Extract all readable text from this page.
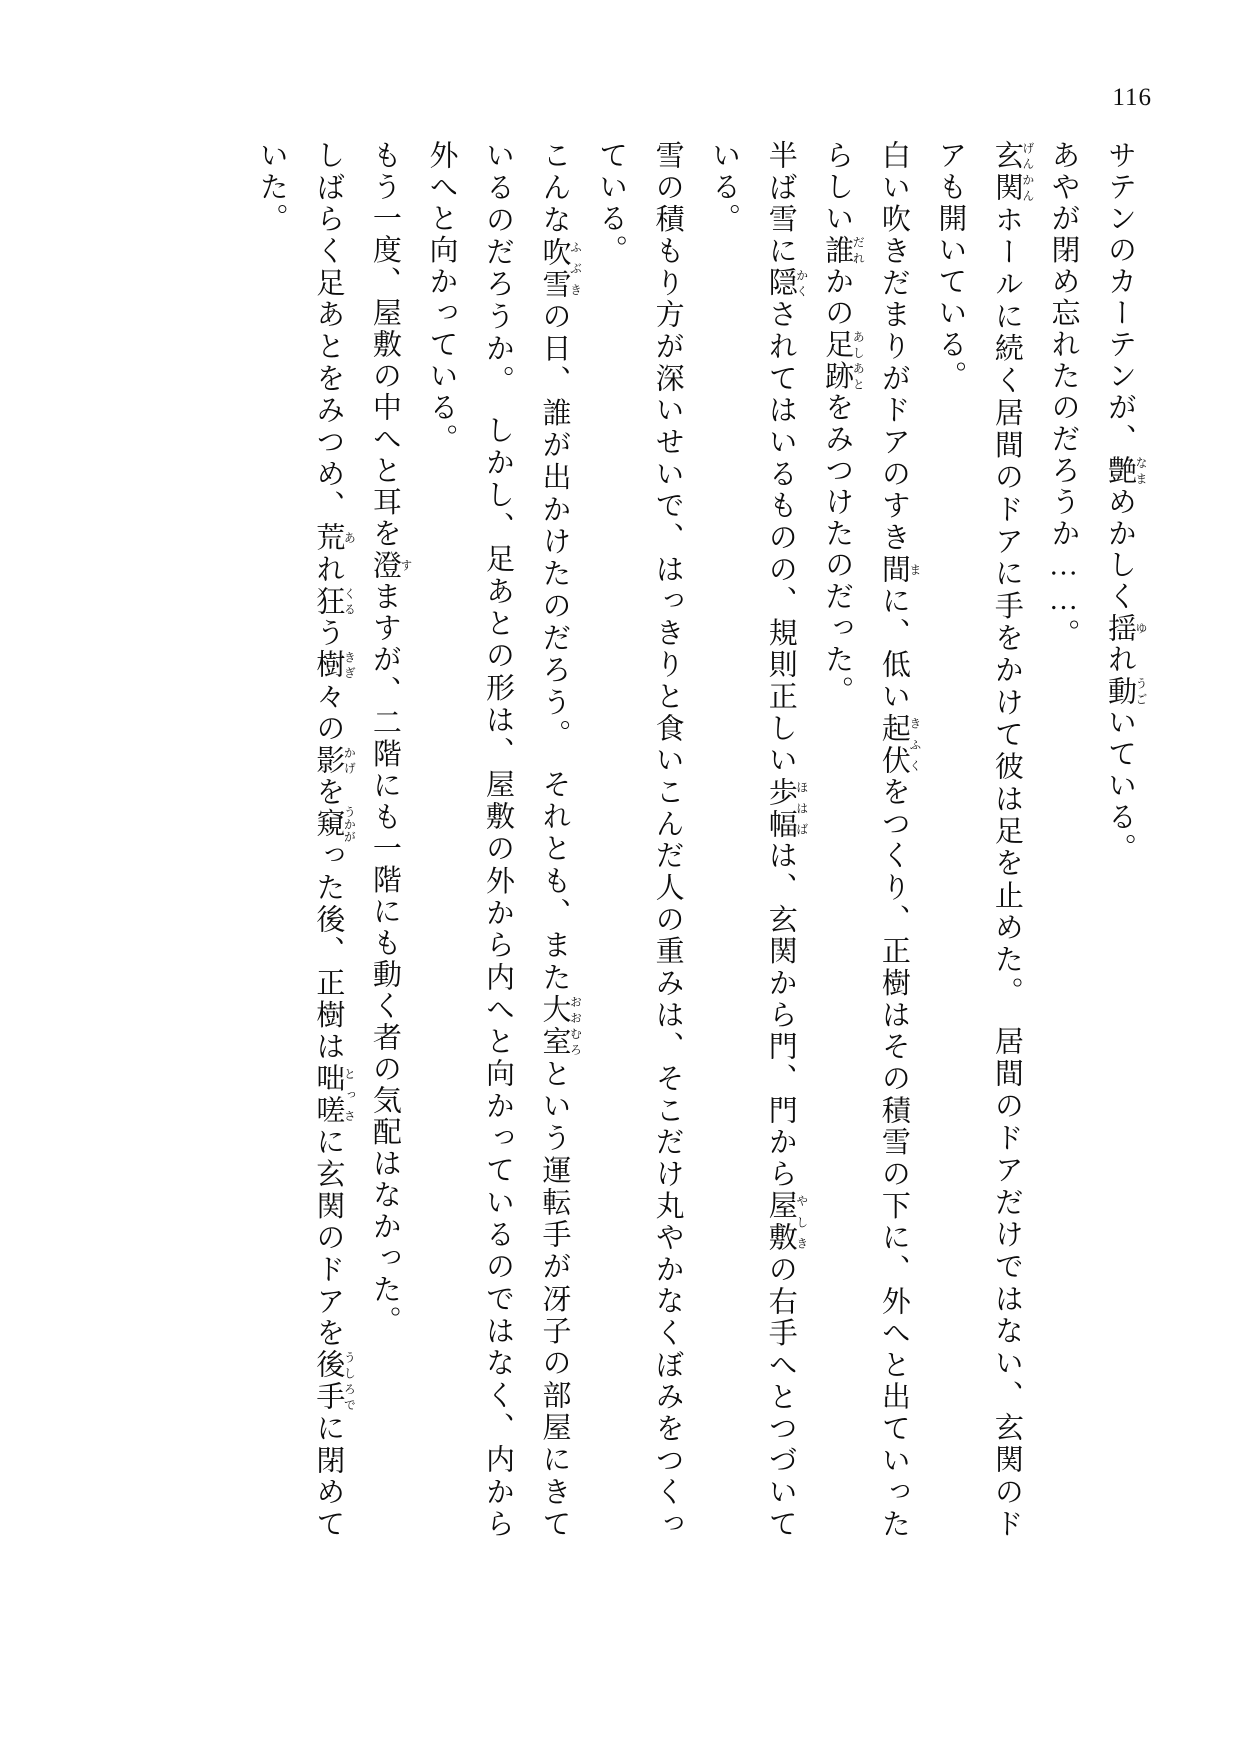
116

サテンのカーテンが、艶なまめかしく揺ゆれ動うごいている。

あやが閉め忘れたのだろうか……。

玄関げんかんホールに続く居間のドアに手をかけて彼は足を止めた。　居間のドアだけではない、玄関のドアも開いている。

白い吹きだまりがドアのすき間まに、低い起伏きふくをつくり、正樹はその積雪の下に、外へと出ていったらしい誰だれかの足跡あしあとをみつけたのだった。

半ば雪に隠かくされてはいるものの、規則正しい歩幅ほはばは、玄関から門、門から屋敷やしきの右手へとつづいている。

雪の積もり方が深いせいで、はっきりと食いこんだ人の重みは、そこだけ丸やかなくぼみをつくっている。

こんな吹雪ふぶきの日、誰が出かけたのだろう。　それとも、また大室おおむろという運転手が冴子の部屋にきているのだろうか。　しかし、足あとの形は、屋敷の外から内へと向かっているのではなく、内から外へと向かっている。

もう一度、屋敷の中へと耳を澄すますが、二階にも一階にも動く者の気配はなかった。

しばらく足あとをみつめ、荒あれ狂くるう樹きぎ々の影かげを窺うかがった後、正樹は咄嗟とっさに玄関のドアを後うし手ろでに閉めていた。
